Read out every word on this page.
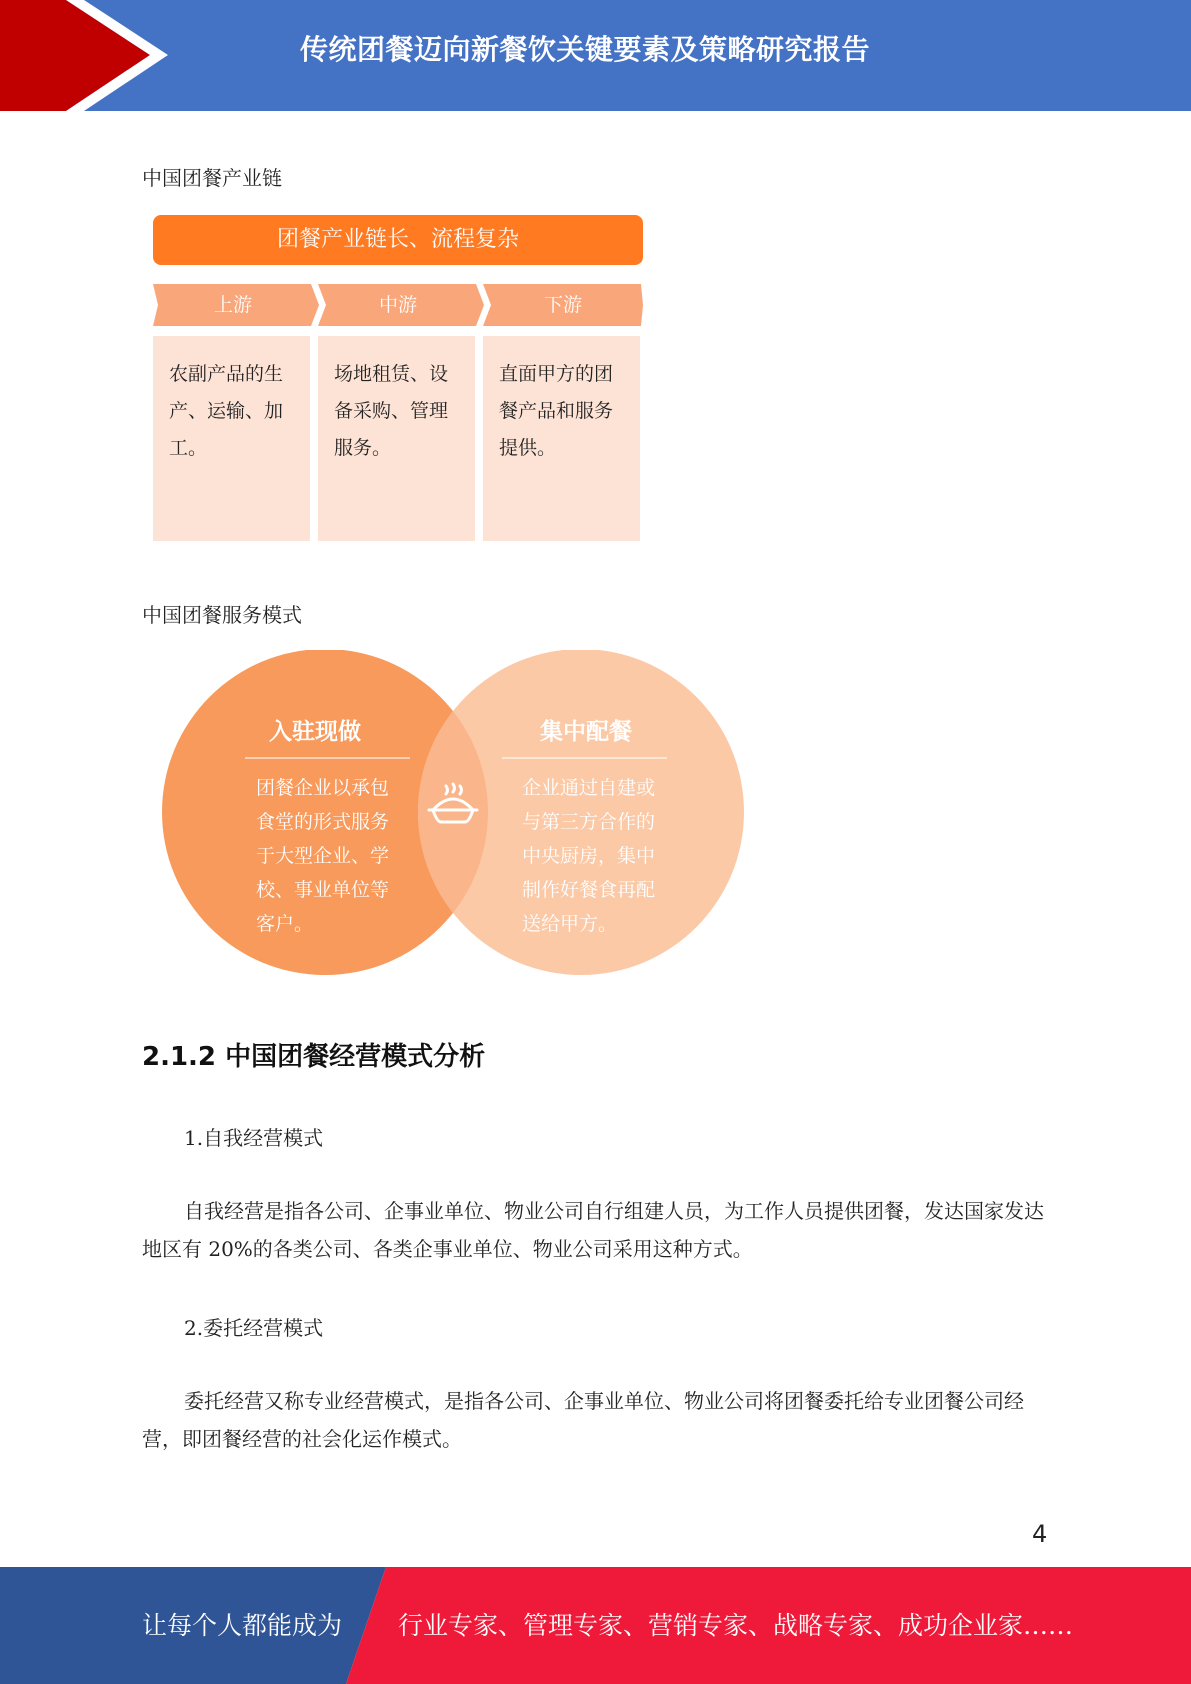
传统团餐迈向新餐饮关键要素及策略研究报告
中国团餐产业链
团餐产业链长、流程复杂
上游	中游	下游
农副产品的生
产、运输、加
工。
场地租赁、设
备采购、管理
服务。
直面甲方的团
餐产品和服务
提供。
中国团餐服务模式
入驻现做
团餐企业以承包
食堂的形式服务
于大型企业、学
校、事业单位等
客户。
集中配餐
企业通过自建或
与第三方合作的
中央厨房，集中
制作好餐食再配
送给甲方。
2.1.2 中国团餐经营模式分析
1.自我经营模式
自我经营是指各公司、企事业单位、物业公司自行组建人员，为工作人员提供团餐，发达国家发达地区有 20%的各类公司、各类企事业单位、物业公司采用这种方式。
2.委托经营模式
委托经营又称专业经营模式，是指各公司、企事业单位、物业公司将团餐委托给专业团餐公司经营，即团餐经营的社会化运作模式。
4
让每个人都能成为 行业专家、管理专家、营销专家、战略专家、成功企业家……
